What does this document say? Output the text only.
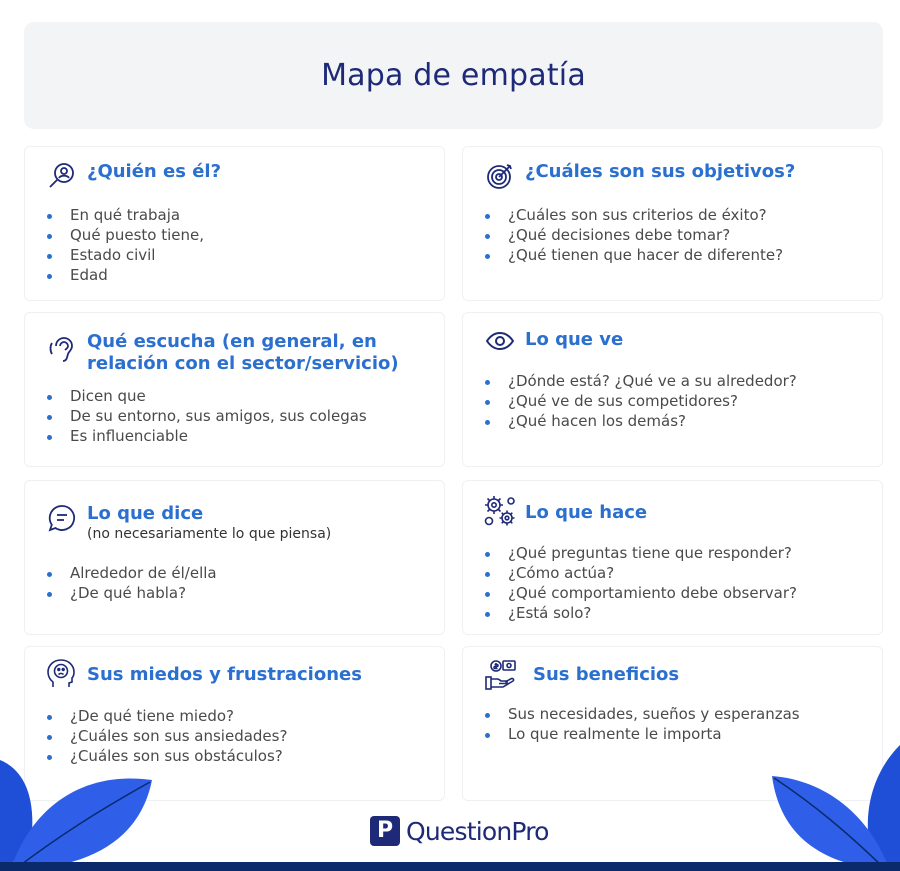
Mapa de empatía
¿Quién es él?
En qué trabaja
Qué puesto tiene,
Estado civil
Edad
¿Cuáles son sus objetivos?
¿Cuáles son sus criterios de éxito?
¿Qué decisiones debe tomar?
¿Qué tienen que hacer de diferente?
Qué escucha (en general, en relación con el sector/servicio)
Dicen que
De su entorno, sus amigos, sus colegas
Es influenciable
Lo que ve
¿Dónde está? ¿Qué ve a su alrededor?
¿Qué ve de sus competidores?
¿Qué hacen los demás?
Lo que dice
(no necesariamente lo que piensa)
Alrededor de él/ella
¿De qué habla?
Lo que hace
¿Qué preguntas tiene que responder?
¿Cómo actúa?
¿Qué comportamiento debe observar?
¿Está solo?
Sus miedos y frustraciones
¿De qué tiene miedo?
¿Cuáles son sus ansiedades?
¿Cuáles son sus obstáculos?
Sus beneficios
Sus necesidades, sueños y esperanzas
Lo que realmente le importa
P QuestionPro
